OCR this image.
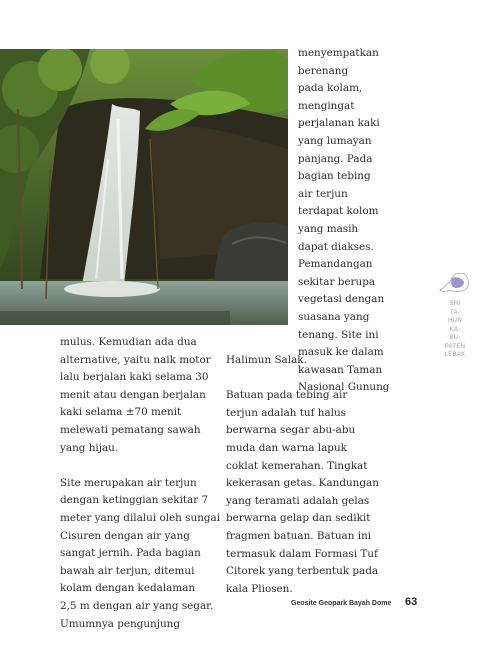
menyempatkan
berenang
pada kolam,
mengingat
perjalanan kaki
yang lumayan
panjang. Pada
bagian tebing
air terjun
terdapat kolom
yang masih
dapat diakses.
Pemandangan
sekitar berupa
vegetasi dengan
suasana yang
tenang. Site ini
masuk ke dalam
kawasan Taman
Nasional Gunung

mulus. Kemudian ada dua
alternative, yaitu naik motor
lalu berjalan kaki selama 30
menit atau dengan berjalan
kaki selama ±70 menit
melewati pematang sawah
yang hijau.
Site merupakan air terjun
dengan ketinggian sekitar 7
meter yang dilalui oleh sungai
Cisuren dengan air yang
sangat jernih. Pada bagian
bawah air terjun, ditemui
kolam dengan kedalaman
2,5 m dengan air yang segar.
Umumnya pengunjung

Halimun Salak.
Batuan pada tebing air
terjun adalah tuf halus
berwarna segar abu-abu
muda dan warna lapuk
coklat kemerahan. Tingkat
kekerasan getas. Kandungan
yang teramati adalah gelas
berwarna gelap dan sedikit
fragmen batuan. Batuan ini
termasuk dalam Formasi Tuf
Citorek yang terbentuk pada
kala Pliosen.

SRI
TA-
HUN
KA-
BU-
PATEN
LEBAK
Geosite Geopark Bayah Dome 63
